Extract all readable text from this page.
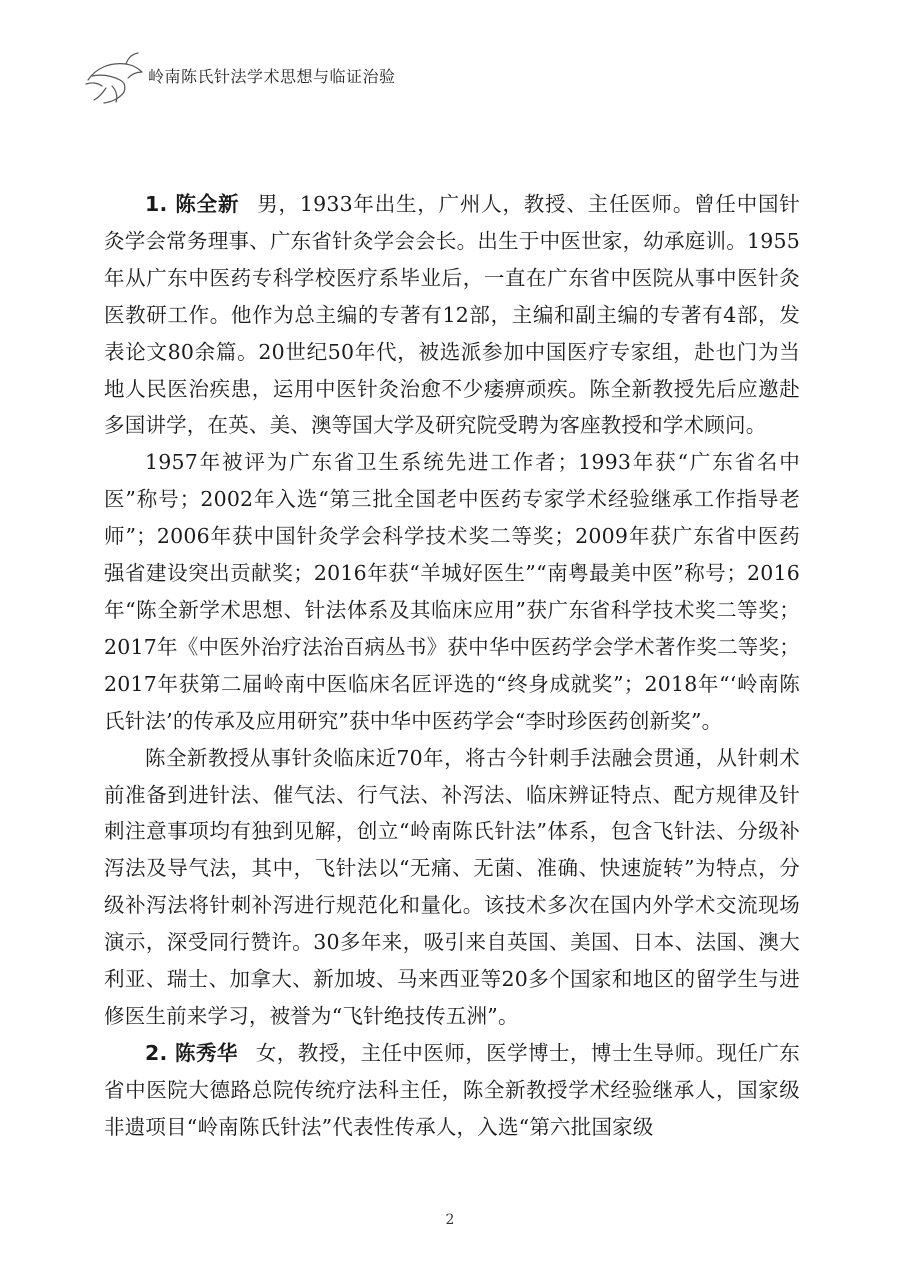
岭南陈氏针法学术思想与临证治验

1. 陈全新 男，1933年出生，广州人，教授、主任医师。曾任中国针灸学会常务理事、广东省针灸学会会长。出生于中医世家，幼承庭训。1955年从广东中医药专科学校医疗系毕业后，一直在广东省中医院从事中医针灸医教研工作。他作为总主编的专著有12部，主编和副主编的专著有4部，发表论文80余篇。20世纪50年代，被选派参加中国医疗专家组，赴也门为当地人民医治疾患，运用中医针灸治愈不少痿痹顽疾。陈全新教授先后应邀赴多国讲学，在英、美、澳等国大学及研究院受聘为客座教授和学术顾问。

1957年被评为广东省卫生系统先进工作者；1993年获“广东省名中医”称号；2002年入选“第三批全国老中医药专家学术经验继承工作指导老师”；2006年获中国针灸学会科学技术奖二等奖；2009年获广东省中医药强省建设突出贡献奖；2016年获“羊城好医生”“南粤最美中医”称号；2016年“陈全新学术思想、针法体系及其临床应用”获广东省科学技术奖二等奖；2017年《中医外治疗法治百病丛书》获中华中医药学会学术著作奖二等奖；2017年获第二届岭南中医临床名匠评选的“终身成就奖”；2018年“‘岭南陈氏针法’的传承及应用研究”获中华中医药学会“李时珍医药创新奖”。

陈全新教授从事针灸临床近70年，将古今针刺手法融会贯通，从针刺术前准备到进针法、催气法、行气法、补泻法、临床辨证特点、配方规律及针刺注意事项均有独到见解，创立“岭南陈氏针法”体系，包含飞针法、分级补泻法及导气法，其中，飞针法以“无痛、无菌、准确、快速旋转”为特点，分级补泻法将针刺补泻进行规范化和量化。该技术多次在国内外学术交流现场演示，深受同行赞许。30多年来，吸引来自英国、美国、日本、法国、澳大利亚、瑞士、加拿大、新加坡、马来西亚等20多个国家和地区的留学生与进修医生前来学习，被誉为“飞针绝技传五洲”。

2. 陈秀华 女，教授，主任中医师，医学博士，博士生导师。现任广东省中医院大德路总院传统疗法科主任，陈全新教授学术经验继承人，国家级非遗项目“岭南陈氏针法”代表性传承人，入选“第六批国家级

2
